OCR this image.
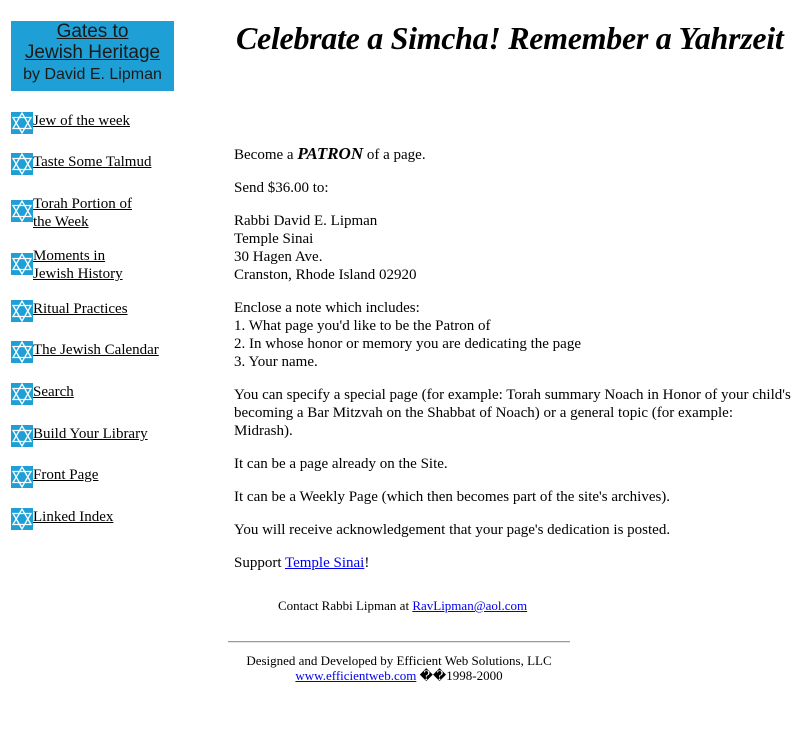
Gates to
Jewish Heritage
by David E. Lipman
Celebrate a Simcha! Remember a Yahrzeit
Jew of the week
Taste Some Talmud
Torah Portion of
the Week
Moments in
Jewish History
Ritual Practices
The Jewish Calendar
Search
Build Your Library
Front Page
Linked Index

Become a PATRON of a page.

Send $36.00 to:

Rabbi David E. Lipman
Temple Sinai
30 Hagen Ave.
Cranston, Rhode Island 02920

Enclose a note which includes:
1. What page you'd like to be the Patron of
2. In whose honor or memory you are dedicating the page
3. Your name.

You can specify a special page (for example: Torah summary Noach in Honor of your child's becoming a Bar Mitzvah on the Shabbat of Noach) or a general topic (for example: Midrash).

It can be a page already on the Site.

It can be a Weekly Page (which then becomes part of the site's archives).

You will receive acknowledgement that your page's dedication is posted.

Support Temple Sinai!

Contact Rabbi Lipman at RavLipman@aol.com
Designed and Developed by Efficient Web Solutions, LLC
www.efficientweb.com ��1998-2000
